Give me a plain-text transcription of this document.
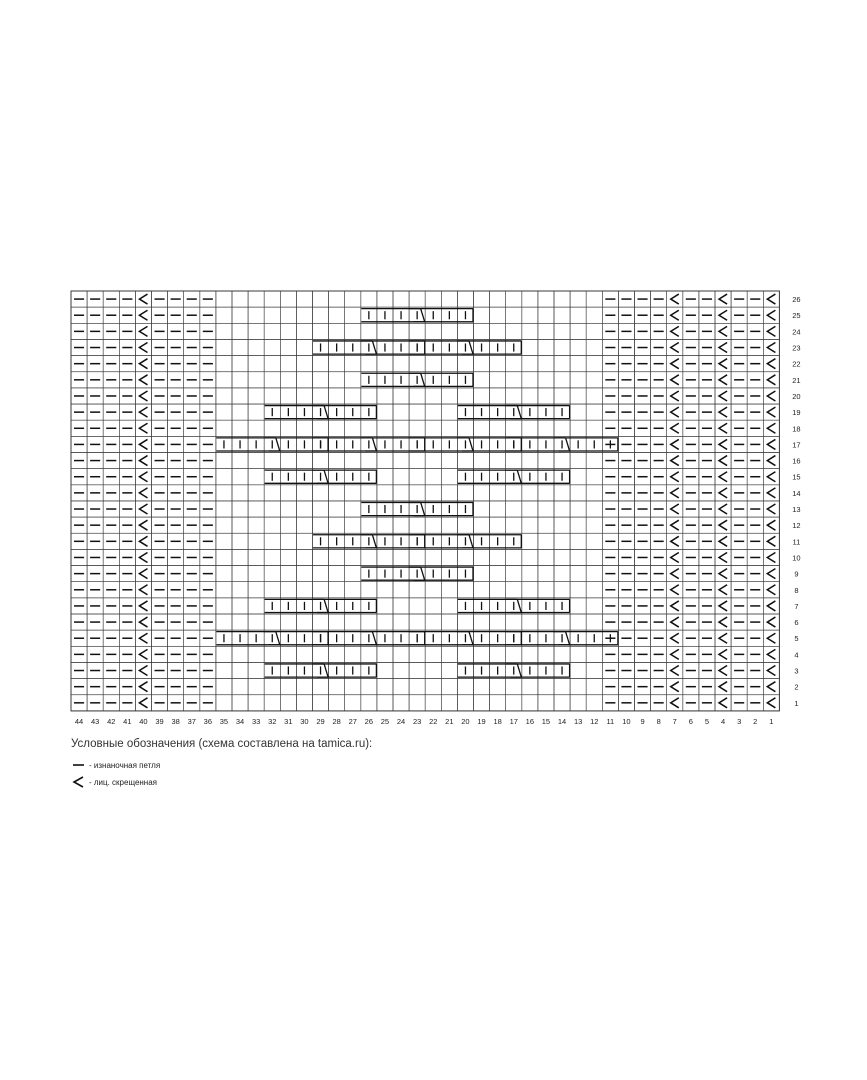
44 43 42 41 40 39 38 37 36 35 34 33 32 31 30 29 28 27 26 25 24 23 22 21 20 19 18 17 16 15 14 13 12 11 10 9 8 7 6 5 4 3 2 1
26
25
24
23
22
21
20
19
18
17
16
15
14
13
12
11
10
9
8
7
6
5
4
3
2
1
Условные обозначения (схема составлена на tamica.ru):
- изнаночная петля
- лиц. скрещенная
